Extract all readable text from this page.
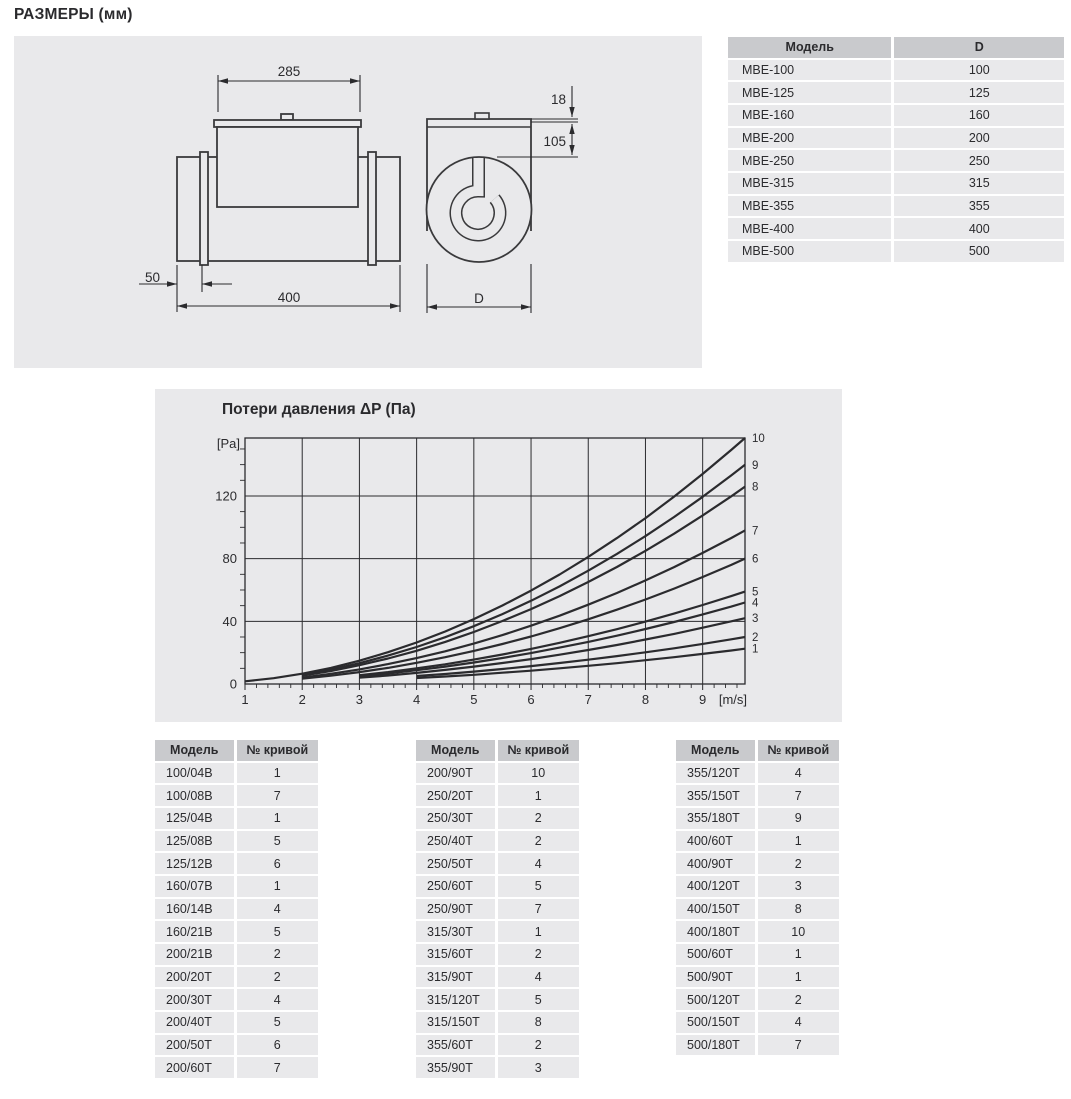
РАЗМЕРЫ (мм)
285
400
50
D
18
105
Модель	D
MBE-100	100
MBE-125	125
MBE-160	160
MBE-200	200
MBE-250	250
MBE-315	315
MBE-355	355
MBE-400	400
MBE-500	500
Потери давления ΔP (Па)
1	2	3	4	5	6	7	8	9
0
40
80
120
[Pa]
[m/s]
10
9
8
7
6
5
4
3
2
1
Модель	№ кривой
100/04B	1
100/08B	7
125/04B	1
125/08B	5
125/12B	6
160/07B	1
160/14B	4
160/21B	5
200/21B	2
200/20T	2
200/30T	4
200/40T	5
200/50T	6
200/60T	7
Модель	№ кривой
200/90T	10
250/20T	1
250/30T	2
250/40T	2
250/50T	4
250/60T	5
250/90T	7
315/30T	1
315/60T	2
315/90T	4
315/120T	5
315/150T	8
355/60T	2
355/90T	3
Модель	№ кривой
355/120T	4
355/150T	7
355/180T	9
400/60T	1
400/90T	2
400/120T	3
400/150T	8
400/180T	10
500/60T	1
500/90T	1
500/120T	2
500/150T	4
500/180T	7
